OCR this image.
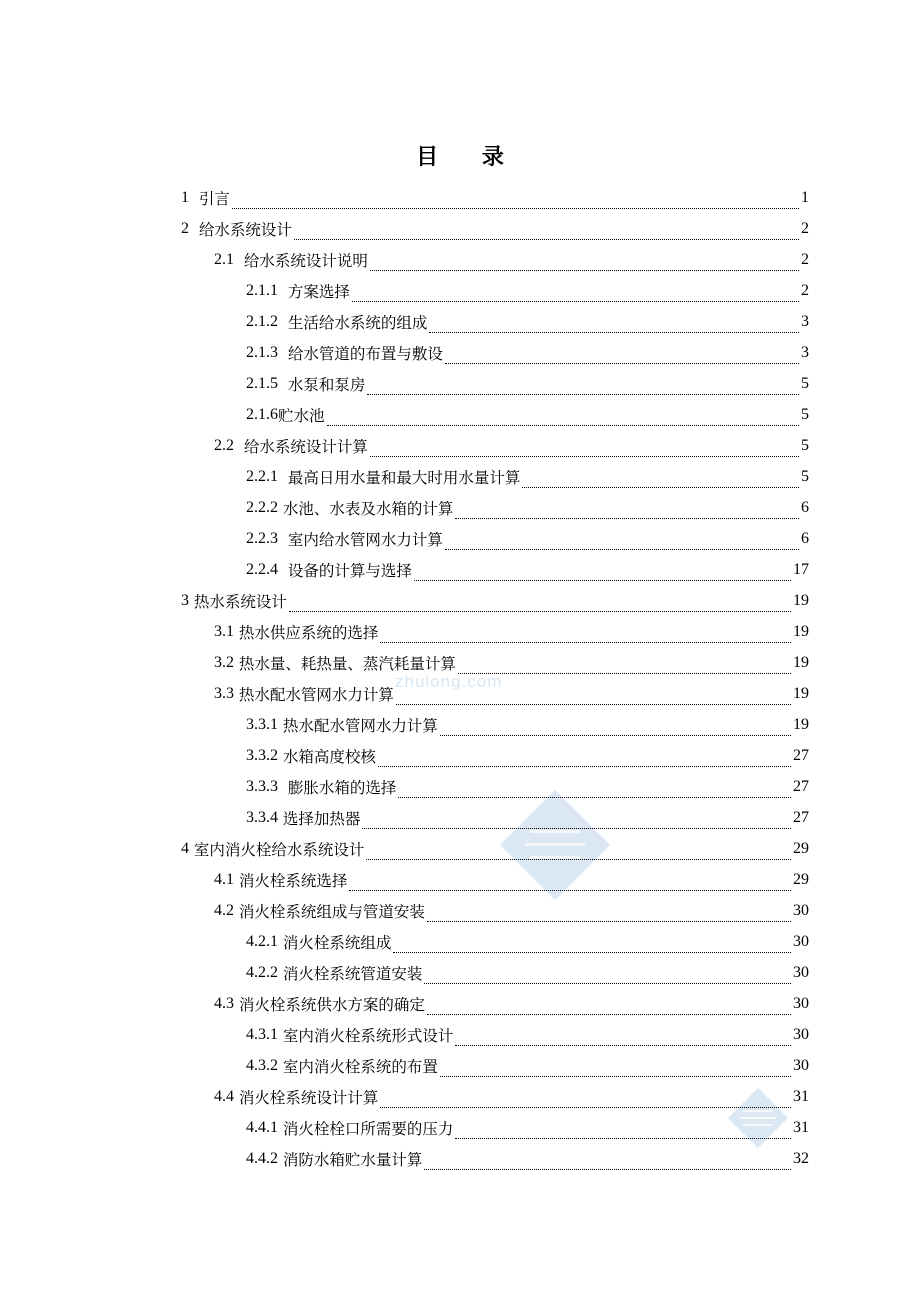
目 录
zhulong.com
1 引言	1
2 给水系统设计	2
2.1 给水系统设计说明	2
2.1.1 方案选择	2
2.1.2 生活给水系统的组成	3
2.1.3 给水管道的布置与敷设	3
2.1.5 水泵和泵房	5
2.1.6 贮水池	5
2.2 给水系统设计计算	5
2.2.1 最高日用水量和最大时用水量计算	5
2.2.2 水池、水表及水箱的计算	6
2.2.3 室内给水管网水力计算	6
2.2.4 设备的计算与选择	17
3 热水系统设计	19
3.1 热水供应系统的选择	19
3.2 热水量、耗热量、蒸汽耗量计算	19
3.3 热水配水管网水力计算	19
3.3.1 热水配水管网水力计算	19
3.3.2 水箱高度校核	27
3.3.3 膨胀水箱的选择	27
3.3.4 选择加热器	27
4 室内消火栓给水系统设计	29
4.1 消火栓系统选择	29
4.2 消火栓系统组成与管道安装	30
4.2.1 消火栓系统组成	30
4.2.2 消火栓系统管道安装	30
4.3 消火栓系统供水方案的确定	30
4.3.1 室内消火栓系统形式设计	30
4.3.2 室内消火栓系统的布置	30
4.4 消火栓系统设计计算	31
4.4.1 消火栓栓口所需要的压力	31
4.4.2 消防水箱贮水量计算	32
